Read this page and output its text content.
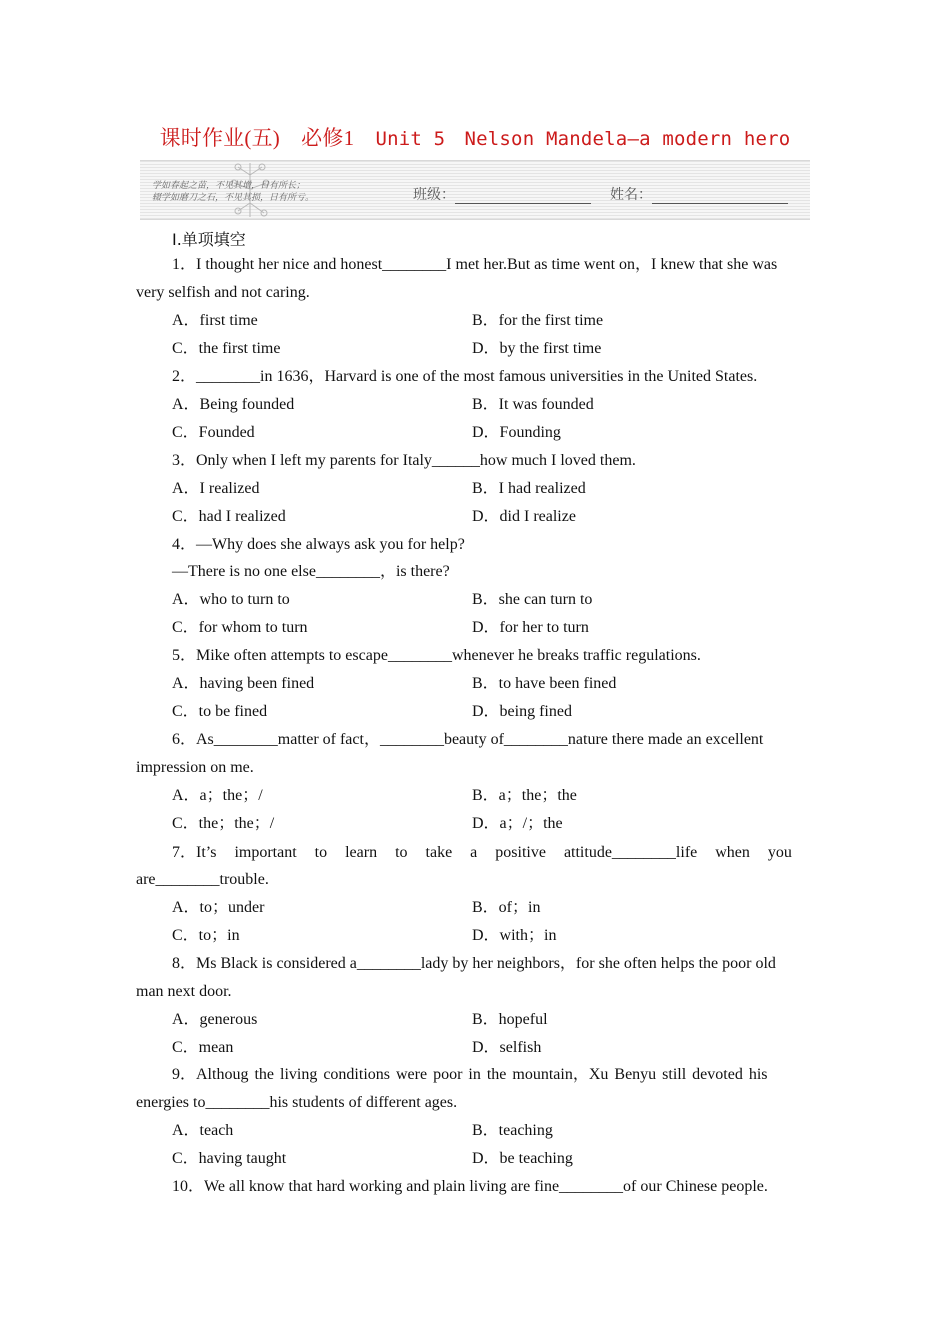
课时作业(五)　必修1　 Unit 5　Nelson Mandela—a modern hero
学如春起之苗，不见其增，日有所长；
辍学如磨刀之石，不见其损，日有所亏。	班级：	姓名：
Ⅰ.单项填空
1．I thought her nice and honest________I met her.But as time went on，I knew that she was
very selfish and not caring.
A．first time	B．for the first time
C．the first time	D．by the first time
2．________in 1636，Harvard is one of the most famous universities in the United States.
A．Being founded	B．It was founded
C．Founded	D．Founding
3．Only when I left my parents for Italy______how much I loved them.
A．I realized	B．I had realized
C．had I realized	D．did I realize
4．—Why does she always ask you for help?
—There is no one else________，is there?
A．who to turn to	B．she can turn to
C．for whom to turn	D．for her to turn
5．Mike often attempts to escape________whenever he breaks traffic regulations.
A．having been fined	B．to have been fined
C．to be fined	D．being fined
6．As________matter of fact，________beauty of________nature there made an excellent
impression on me.
A．a；the；/	B．a；the；the
C．the；the；/	D．a；/；the
7．It’s important to learn to take a positive attitude________life when you
are________trouble.
A．to；under	B．of；in
C．to；in	D．with；in
8．Ms Black is considered a________lady by her neighbors，for she often helps the poor old
man next door.
A．generous	B．hopeful
C．mean	D．selfish
9．Althoug the living conditions were poor in the mountain，Xu Benyu still devoted his
energies to________his students of different ages.
A．teach	B．teaching
C．having taught	D．be teaching
10．We all know that hard working and plain living are fine________of our Chinese people.
